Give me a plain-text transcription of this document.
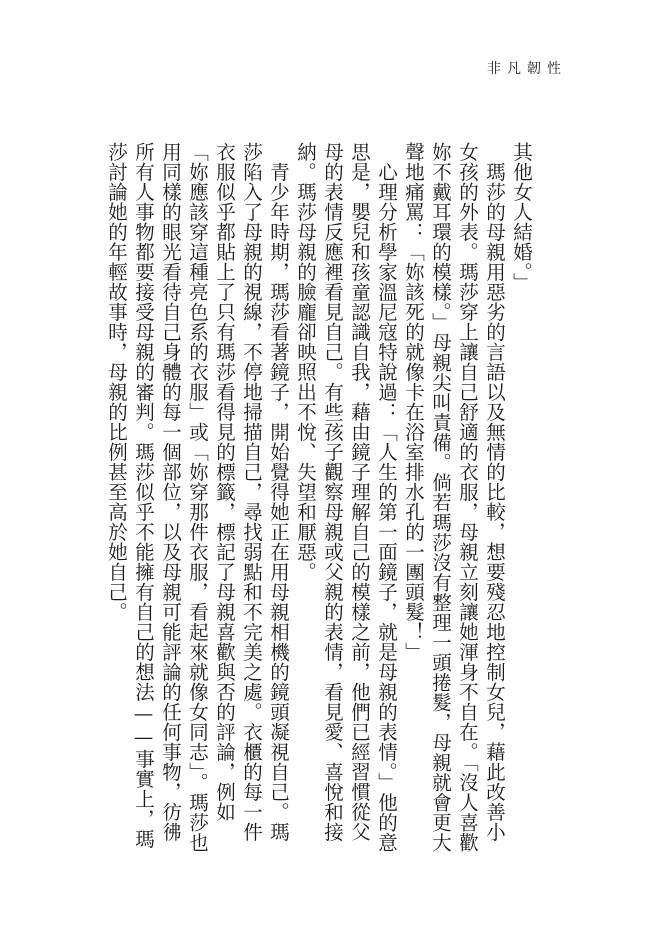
非凡韌性

其他女人結婚。」

瑪莎的母親用惡劣的言語以及無情的比較，想要殘忍地控制女兒，藉此改善小女孩的外表。瑪莎穿上讓自己舒適的衣服，母親立刻讓她渾身不自在。「沒人喜歡妳不戴耳環的模樣。」母親尖叫責備。倘若瑪莎沒有整理一頭捲髮，母親就會更大聲地痛罵：「妳該死的就像卡在浴室排水孔的一團頭髮！」

心理分析學家溫尼寇特說過：「人生的第一面鏡子，就是母親的表情。」他的意思是，嬰兒和孩童認識自我，藉由鏡子理解自己的模樣之前，他們已經習慣從父母的表情反應裡看見自己。有些孩子觀察母親或父親的表情，看見愛、喜悅和接納。瑪莎母親的臉龐卻映照出不悅、失望和厭惡。

青少年時期，瑪莎看著鏡子，開始覺得她正在用母親相機的鏡頭凝視自己。瑪莎陷入了母親的視線，不停地掃描自己，尋找弱點和不完美之處。衣櫃的每一件衣服似乎都貼上了只有瑪莎看得見的標籤，標記了母親喜歡與否的評論，例如「妳應該穿這種亮色系的衣服」或「妳穿那件衣服，看起來就像女同志」。瑪莎也用同樣的眼光看待自己身體的每一個部位，以及母親可能評論的任何事物，彷彿所有人事物都要接受母親的審判。瑪莎似乎不能擁有自己的想法——事實上，瑪莎討論她的年輕故事時，母親的比例甚至高於她自己。
